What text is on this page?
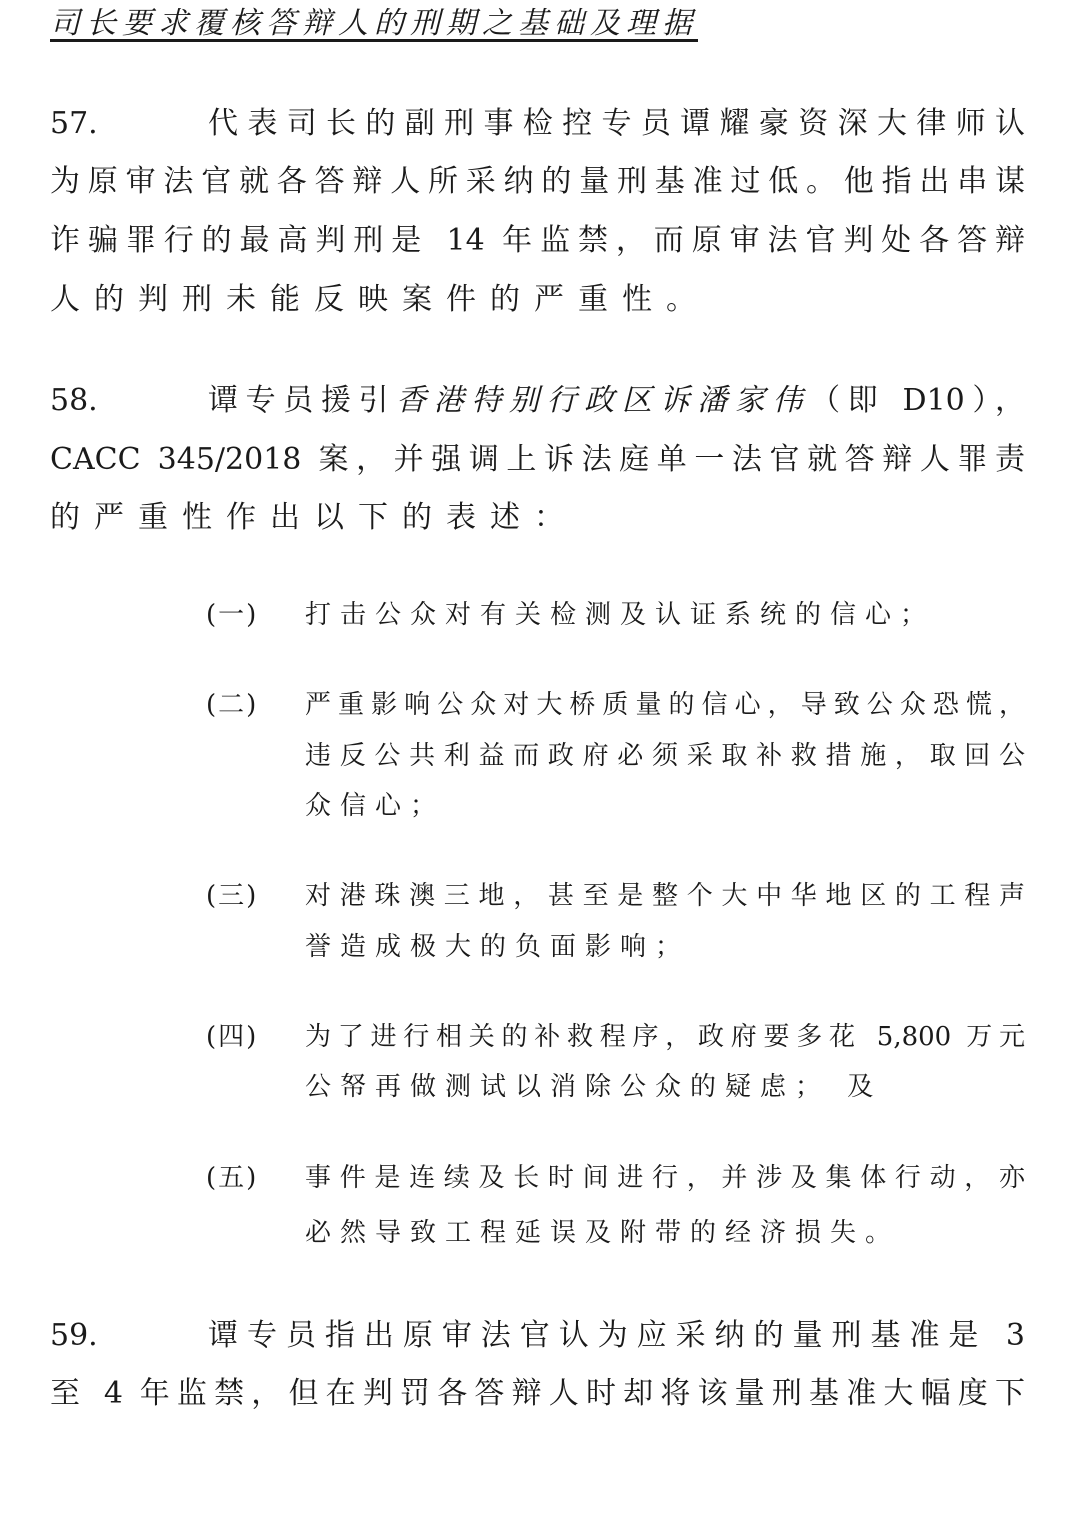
司长要求覆核答辩人的刑期之基础及理据
57.	代表司长的副刑事检控专员谭耀豪资深大律师认
为原审法官就各答辩人所采纳的量刑基准过低。他指出串谋
诈骗罪行的最高判刑是 14 年监禁，而原审法官判处各答辩
人的判刑未能反映案件的严重性。
58.	谭专员援引香港特别行政区诉潘家伟（即 D10），
CACC 345/2018 案，并强调上诉法庭单一法官就答辩人罪责
的严重性作出以下的表述：
(一) 打击公众对有关检测及认证系统的信心；
(二) 严重影响公众对大桥质量的信心，导致公众恐慌，
违反公共利益而政府必须采取补救措施，取回公
众信心；
(三) 对港珠澳三地，甚至是整个大中华地区的工程声
誉造成极大的负面影响；
(四) 为了进行相关的补救程序，政府要多花 5,800 万元
公帑再做测试以消除公众的疑虑； 及
(五) 事件是连续及长时间进行，并涉及集体行动，亦
必然导致工程延误及附带的经济损失。
59.	谭专员指出原审法官认为应采纳的量刑基准是 3
至 4 年监禁，但在判罚各答辩人时却将该量刑基准大幅度下
